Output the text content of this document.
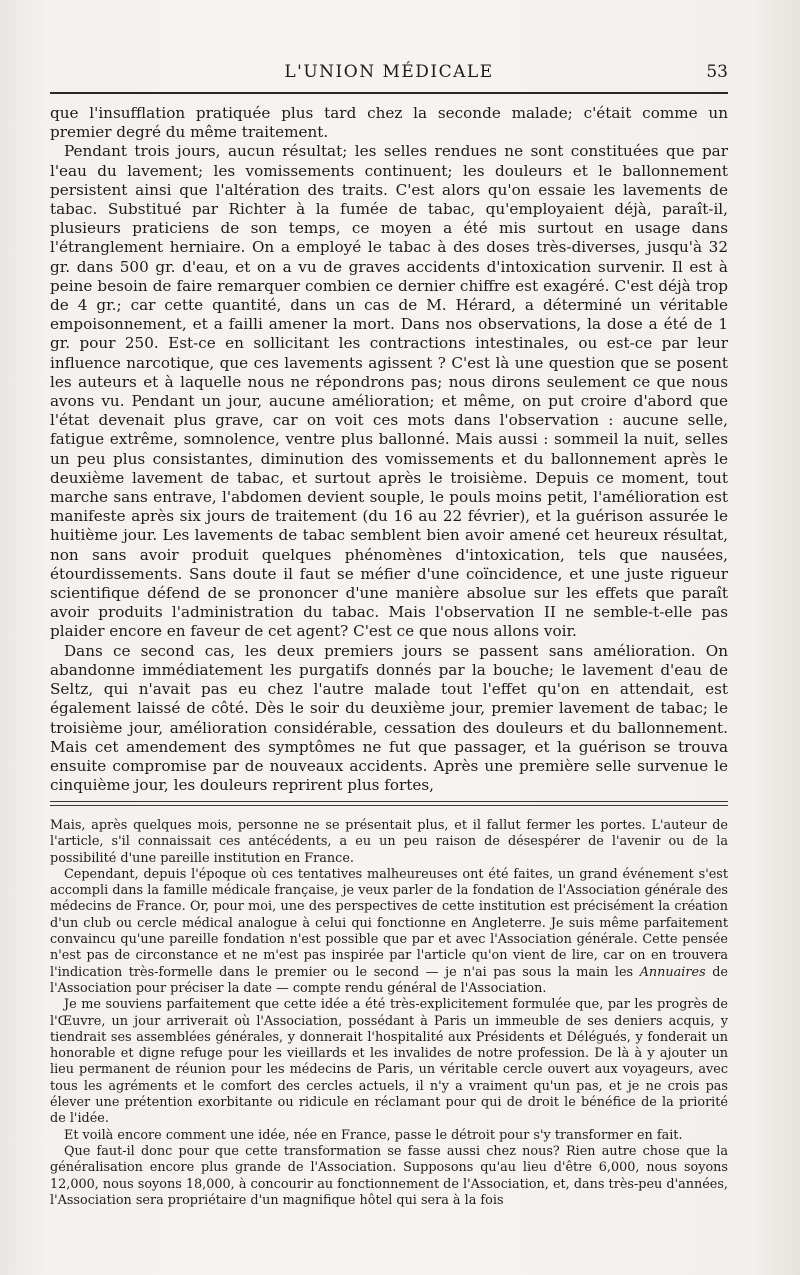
L'UNION MÉDICALE	53

que l'insufflation pratiquée plus tard chez la seconde malade; c'était comme un premier degré du même traitement.

Pendant trois jours, aucun résultat; les selles rendues ne sont constituées que par l'eau du lavement; les vomissements continuent; les douleurs et le ballonnement persistent ainsi que l'altération des traits. C'est alors qu'on essaie les lavements de tabac. Substitué par Richter à la fumée de tabac, qu'employaient déjà, paraît-il, plusieurs praticiens de son temps, ce moyen a été mis surtout en usage dans l'étranglement herniaire. On a employé le tabac à des doses très-diverses, jusqu'à 32 gr. dans 500 gr. d'eau, et on a vu de graves accidents d'intoxication survenir. Il est à peine besoin de faire remarquer combien ce dernier chiffre est exagéré. C'est déjà trop de 4 gr.; car cette quantité, dans un cas de M. Hérard, a déterminé un véritable empoisonnement, et a failli amener la mort. Dans nos observations, la dose a été de 1 gr. pour 250. Est-ce en sollicitant les contractions intestinales, ou est-ce par leur influence narcotique, que ces lavements agissent ? C'est là une question que se posent les auteurs et à laquelle nous ne répondrons pas; nous dirons seulement ce que nous avons vu. Pendant un jour, aucune amélioration; et même, on put croire d'abord que l'état devenait plus grave, car on voit ces mots dans l'observation : aucune selle, fatigue extrême, somnolence, ventre plus ballonné. Mais aussi : sommeil la nuit, selles un peu plus consistantes, diminution des vomissements et du ballonnement après le deuxième lavement de tabac, et surtout après le troisième. Depuis ce moment, tout marche sans entrave, l'abdomen devient souple, le pouls moins petit, l'amélioration est manifeste après six jours de traitement (du 16 au 22 février), et la guérison assurée le huitième jour. Les lavements de tabac semblent bien avoir amené cet heureux résultat, non sans avoir produit quelques phénomènes d'intoxication, tels que nausées, étourdissements. Sans doute il faut se méfier d'une coïncidence, et une juste rigueur scientifique défend de se prononcer d'une manière absolue sur les effets que paraît avoir produits l'administration du tabac. Mais l'observation II ne semble-t-elle pas plaider encore en faveur de cet agent? C'est ce que nous allons voir.

Dans ce second cas, les deux premiers jours se passent sans amélioration. On abandonne immédiatement les purgatifs donnés par la bouche; le lavement d'eau de Seltz, qui n'avait pas eu chez l'autre malade tout l'effet qu'on en attendait, est également laissé de côté. Dès le soir du deuxième jour, premier lavement de tabac; le troisième jour, amélioration considérable, cessation des douleurs et du ballonnement. Mais cet amendement des symptômes ne fut que passager, et la guérison se trouva ensuite compromise par de nouveaux accidents. Après une première selle survenue le cinquième jour, les douleurs reprirent plus fortes,

Mais, après quelques mois, personne ne se présentait plus, et il fallut fermer les portes. L'auteur de l'article, s'il connaissait ces antécédents, a eu un peu raison de désespérer de l'avenir ou de la possibilité d'une pareille institution en France.

Cependant, depuis l'époque où ces tentatives malheureuses ont été faites, un grand événement s'est accompli dans la famille médicale française, je veux parler de la fondation de l'Association générale des médecins de France. Or, pour moi, une des perspectives de cette institution est précisément la création d'un club ou cercle médical analogue à celui qui fonctionne en Angleterre. Je suis même parfaitement convaincu qu'une pareille fondation n'est possible que par et avec l'Association générale. Cette pensée n'est pas de circonstance et ne m'est pas inspirée par l'article qu'on vient de lire, car on en trouvera l'indication très-formelle dans le premier ou le second — je n'ai pas sous la main les Annuaires de l'Association pour préciser la date — compte rendu général de l'Association.

Je me souviens parfaitement que cette idée a été très-explicitement formulée que, par les progrès de l'Œuvre, un jour arriverait où l'Association, possédant à Paris un immeuble de ses deniers acquis, y tiendrait ses assemblées générales, y donnerait l'hospitalité aux Présidents et Délégués, y fonderait un honorable et digne refuge pour les vieillards et les invalides de notre profession. De là à y ajouter un lieu permanent de réunion pour les médecins de Paris, un véritable cercle ouvert aux voyageurs, avec tous les agréments et le comfort des cercles actuels, il n'y a vraiment qu'un pas, et je ne crois pas élever une prétention exorbitante ou ridicule en réclamant pour qui de droit le bénéfice de la priorité de l'idée.

Et voilà encore comment une idée, née en France, passe le détroit pour s'y transformer en fait.

Que faut-il donc pour que cette transformation se fasse aussi chez nous? Rien autre chose que la généralisation encore plus grande de l'Association. Supposons qu'au lieu d'être 6,000, nous soyons 12,000, nous soyons 18,000, à concourir au fonctionnement de l'Association, et, dans très-peu d'années, l'Association sera propriétaire d'un magnifique hôtel qui sera à la fois
